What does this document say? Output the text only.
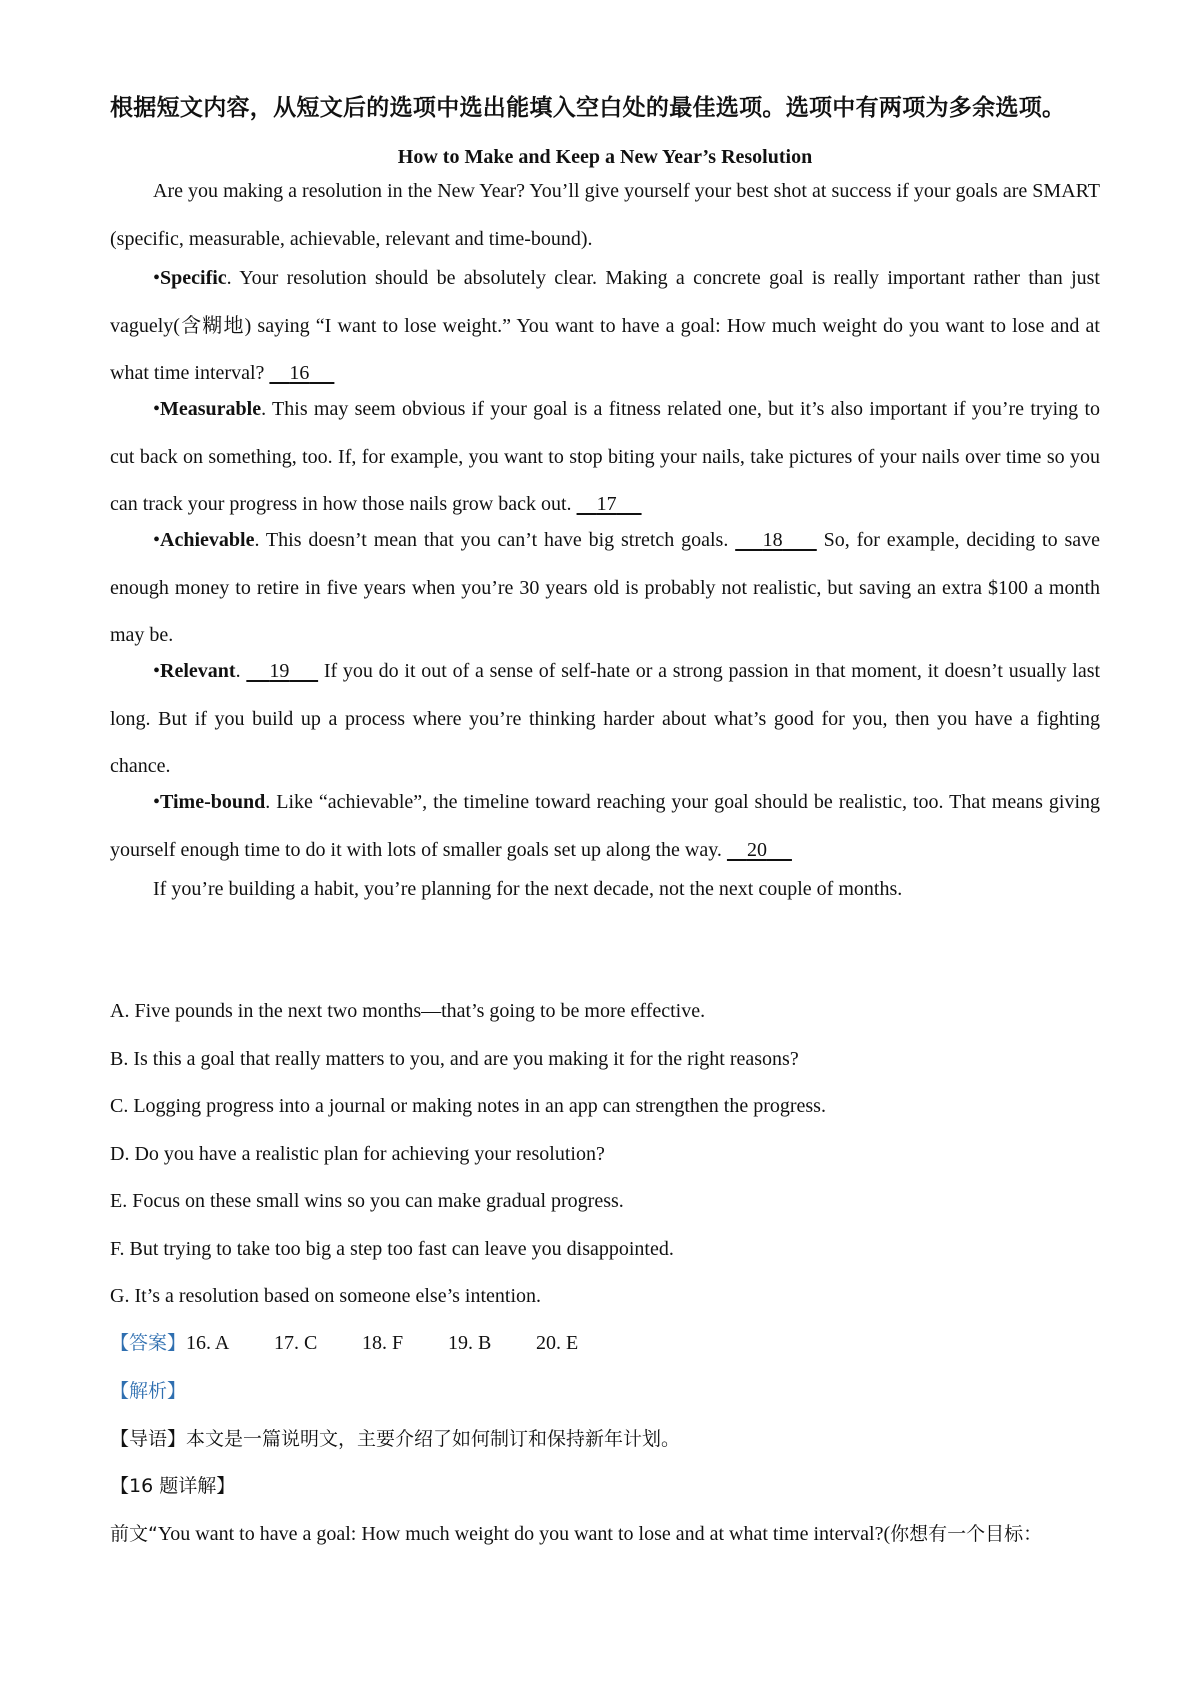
根据短文内容，从短文后的选项中选出能填入空白处的最佳选项。选项中有两项为多余选项。
How to Make and Keep a New Year’s Resolution
Are you making a resolution in the New Year? You’ll give yourself your best shot at success if your goals are SMART (specific, measurable, achievable, relevant and time-bound).
•Specific. Your resolution should be absolutely clear. Making a concrete goal is really important rather than just vaguely(含糊地) saying “I want to lose weight.” You want to have a goal: How much weight do you want to lose and at what time interval?     16
•Measurable. This may seem obvious if your goal is a fitness related one, but it’s also important if you’re trying to cut back on something, too. If, for example, you want to stop biting your nails, take pictures of your nails over time so you can track your progress in how those nails grow back out.     17
•Achievable. This doesn’t mean that you can’t have big stretch goals.     18      So, for example, deciding to save enough money to retire in five years when you’re 30 years old is probably not realistic, but saving an extra $100 a month may be.
•Relevant.     19      If you do it out of a sense of self-hate or a strong passion in that moment, it doesn’t usually last long. But if you build up a process where you’re thinking harder about what’s good for you, then you have a fighting chance.
•Time-bound. Like “achievable”, the timeline toward reaching your goal should be realistic, too. That means giving yourself enough time to do it with lots of smaller goals set up along the way.     20
If you’re building a habit, you’re planning for the next decade, not the next couple of months.
A. Five pounds in the next two months—that’s going to be more effective.
B. Is this a goal that really matters to you, and are you making it for the right reasons?
C. Logging progress into a journal or making notes in an app can strengthen the progress.
D. Do you have a realistic plan for achieving your resolution?
E. Focus on these small wins so you can make gradual progress.
F. But trying to take too big a step too fast can leave you disappointed.
G. It’s a resolution based on someone else’s intention.
【答案】16. A 17. C 18. F 19. B 20. E
【解析】
【导语】本文是一篇说明文，主要介绍了如何制订和保持新年计划。
【16 题详解】
前文“You want to have a goal: How much weight do you want to lose and at what time interval?(你想有一个目标：
